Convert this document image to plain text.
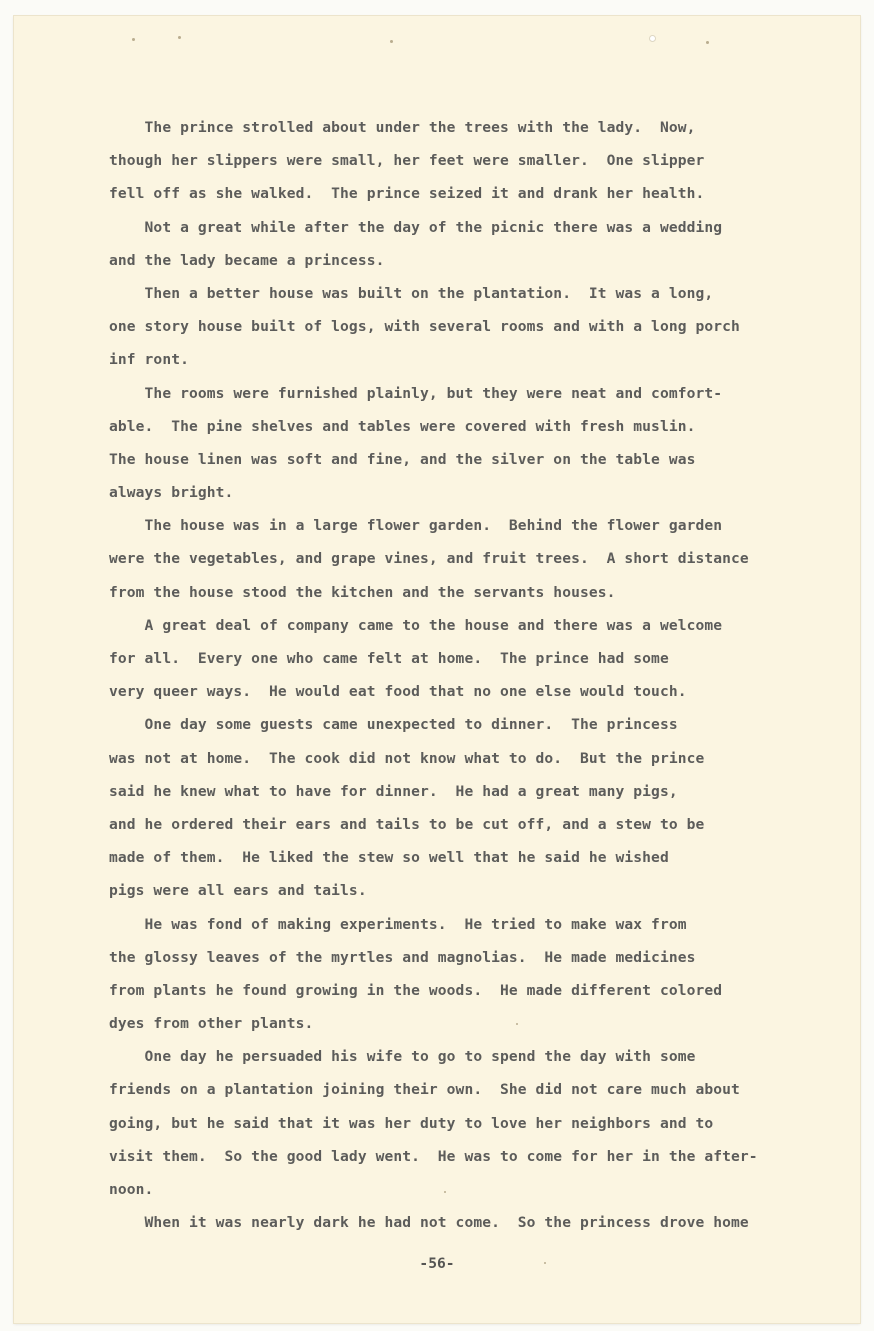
The prince strolled about under the trees with the lady.  Now,
though her slippers were small, her feet were smaller.  One slipper
fell off as she walked.  The prince seized it and drank her health.
Not a great while after the day of the picnic there was a wedding
and the lady became a princess.
Then a better house was built on the plantation.  It was a long,
one story house built of logs, with several rooms and with a long porch
inf ront.
The rooms were furnished plainly, but they were neat and comfort-
able.  The pine shelves and tables were covered with fresh muslin.
The house linen was soft and fine, and the silver on the table was
always bright.
The house was in a large flower garden.  Behind the flower garden
were the vegetables, and grape vines, and fruit trees.  A short distance
from the house stood the kitchen and the servants houses.
A great deal of company came to the house and there was a welcome
for all.  Every one who came felt at home.  The prince had some
very queer ways.  He would eat food that no one else would touch.
One day some guests came unexpected to dinner.  The princess
was not at home.  The cook did not know what to do.  But the prince
said he knew what to have for dinner.  He had a great many pigs,
and he ordered their ears and tails to be cut off, and a stew to be
made of them.  He liked the stew so well that he said he wished
pigs were all ears and tails.
He was fond of making experiments.  He tried to make wax from
the glossy leaves of the myrtles and magnolias.  He made medicines
from plants he found growing in the woods.  He made different colored
dyes from other plants.
One day he persuaded his wife to go to spend the day with some
friends on a plantation joining their own.  She did not care much about
going, but he said that it was her duty to love her neighbors and to
visit them.  So the good lady went.  He was to come for her in the after-
noon.
When it was nearly dark he had not come.  So the princess drove home
-56-
